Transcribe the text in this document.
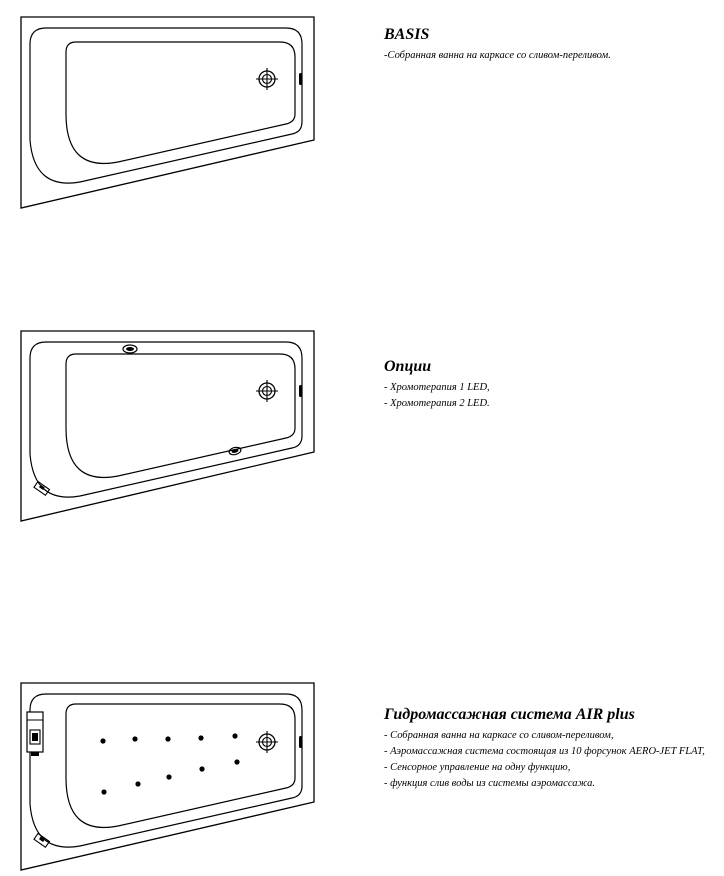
BASIS

-Собранная ванна на каркасе со сливом-переливом.

Опции

- Хромотерапия 1 LED,

- Хромотерапия 2 LED.

Гидромассажная система AIR plus

- Собранная ванна на каркасе со сливом-переливом,

- Аэромассажная система состоящая из 10 форсунок AERO-JET FLAT,

- Сенсорное управление на одну функцию,

- функция слив воды из системы аэромассажа.
